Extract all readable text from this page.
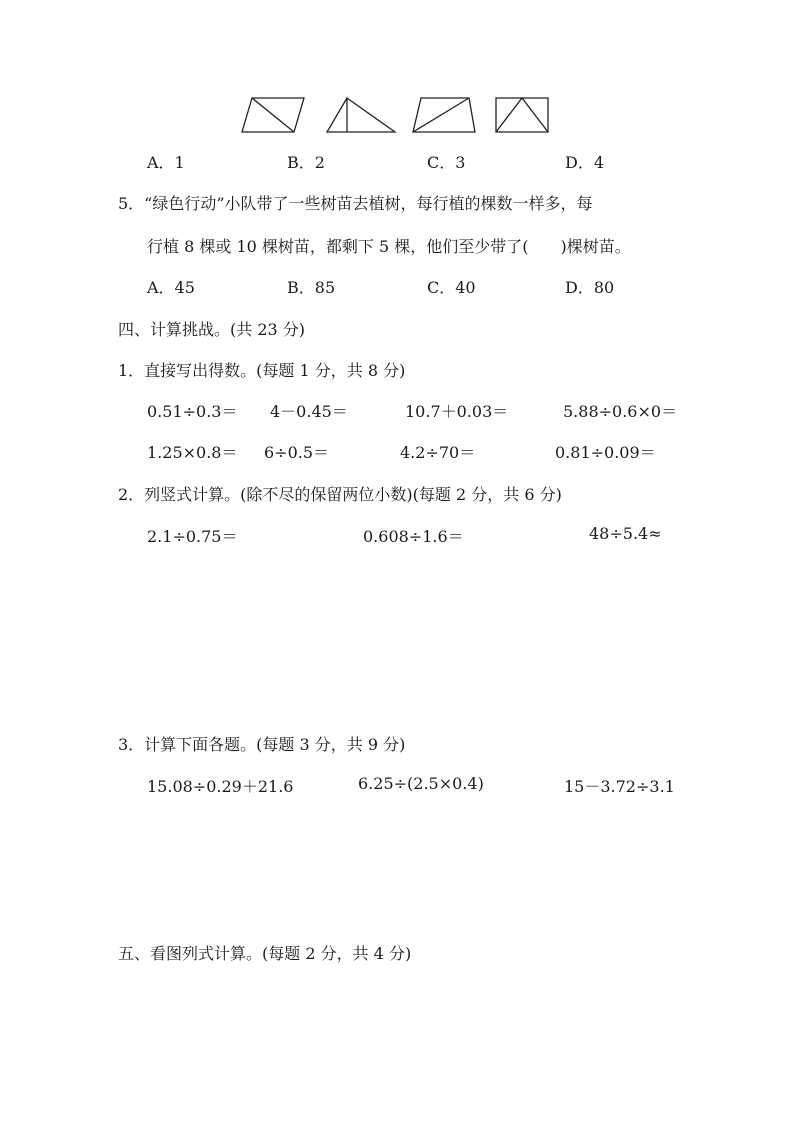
A．1	B．2	C．3	D．4
5．“绿色行动”小队带了一些树苗去植树，每行植的棵数一样多，每
行植 8 棵或 10 棵树苗，都剩下 5 棵，他们至少带了(　　)棵树苗。
A．45	B．85	C．40	D．80
四、计算挑战。(共 23 分)
1．直接写出得数。(每题 1 分，共 8 分)
0.51÷0.3＝ 4－0.45＝	10.7＋0.03＝	5.88÷0.6×0＝
1.25×0.8＝ 6÷0.5＝	4.2÷70＝	0.81÷0.09＝
2．列竖式计算。(除不尽的保留两位小数)(每题 2 分，共 6 分)
2.1÷0.75＝	0.608÷1.6＝	48÷5.4≈
3．计算下面各题。(每题 3 分，共 9 分)
15.08÷0.29＋21.6	6.25÷(2.5×0.4)	15－3.72÷3.1
五、看图列式计算。(每题 2 分，共 4 分)
